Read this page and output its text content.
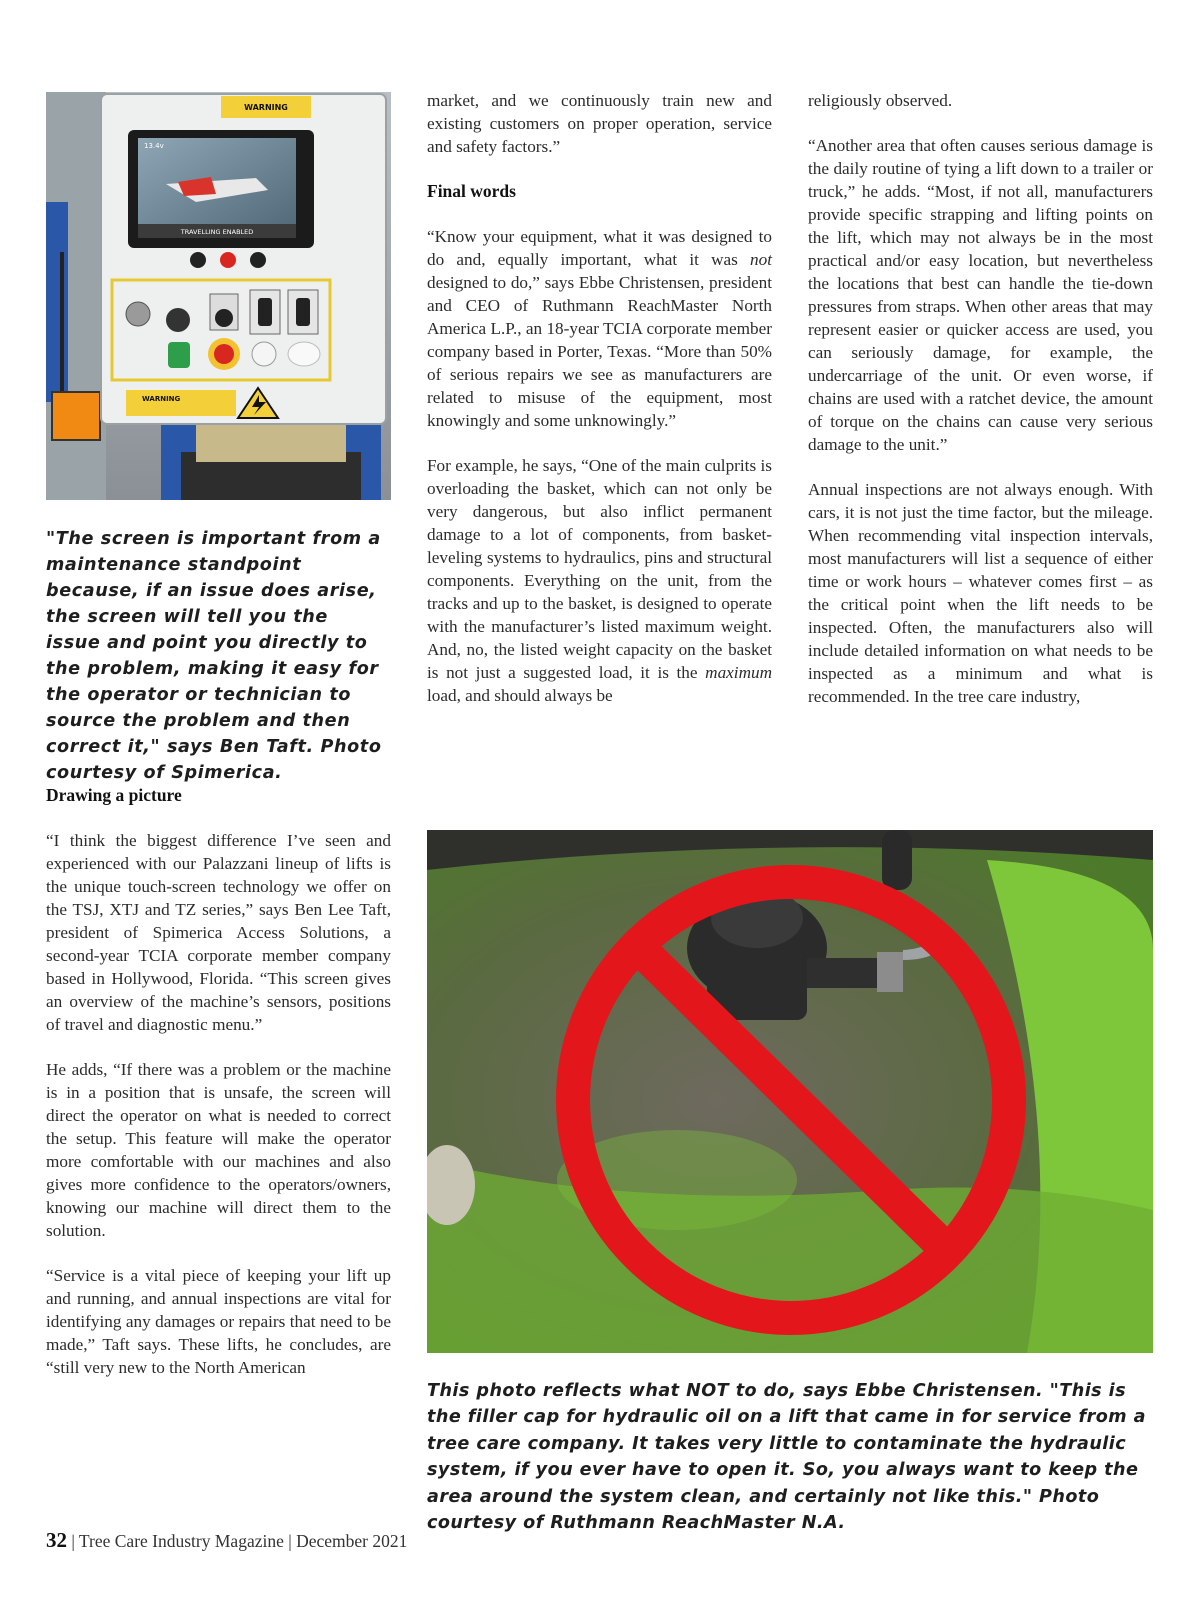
WARNING
13.4v
TRAVELLING ENABLED
WARNING
"The screen is important from a maintenance standpoint because, if an issue does arise, the screen will tell you the issue and point you directly to the problem, making it easy for the operator or technician to source the problem and then correct it," says Ben Taft. Photo courtesy of Spimerica.
Drawing a picture

“I think the biggest difference I’ve seen and experienced with our Palazzani lineup of lifts is the unique touch-screen technology we offer on the TSJ, XTJ and TZ series,” says Ben Lee Taft, president of Spimerica Access Solutions, a second-year TCIA corporate member company based in Hollywood, Florida. “This screen gives an overview of the machine’s sensors, positions of travel and diagnostic menu.”

He adds, “If there was a problem or the machine is in a position that is unsafe, the screen will direct the operator on what is needed to correct the setup. This feature will make the operator more comfortable with our machines and also gives more confidence to the operators/owners, knowing our machine will direct them to the solution.

“Service is a vital piece of keeping your lift up and running, and annual inspections are vital for identifying any damages or repairs that need to be made,” Taft says. These lifts, he concludes, are “still very new to the North American

market, and we continuously train new and existing customers on proper operation, service and safety factors.”

Final words

“Know your equipment, what it was designed to do and, equally important, what it was not designed to do,” says Ebbe Christensen, president and CEO of Ruthmann ReachMaster North America L.P., an 18-year TCIA corporate member company based in Porter, Texas. “More than 50% of serious repairs we see as manufacturers are related to misuse of the equipment, most knowingly and some unknowingly.”

For example, he says, “One of the main culprits is overloading the basket, which can not only be very dangerous, but also inflict permanent damage to a lot of components, from basket-leveling systems to hydraulics, pins and structural components. Everything on the unit, from the tracks and up to the basket, is designed to operate with the manufacturer’s listed maximum weight. And, no, the listed weight capacity on the basket is not just a suggested load, it is the maximum load, and should always be

religiously observed.

“Another area that often causes serious damage is the daily routine of tying a lift down to a trailer or truck,” he adds. “Most, if not all, manufacturers provide specific strapping and lifting points on the lift, which may not always be in the most practical and/or easy location, but nevertheless the locations that best can handle the tie-down pressures from straps. When other areas that may represent easier or quicker access are used, you can seriously damage, for example, the undercarriage of the unit. Or even worse, if chains are used with a ratchet device, the amount of torque on the chains can cause very serious damage to the unit.”

Annual inspections are not always enough. With cars, it is not just the time factor, but the mileage. When recommending vital inspection intervals, most manufacturers will list a sequence of either time or work hours – whatever comes first – as the critical point when the lift needs to be inspected. Often, the manufacturers also will include detailed information on what needs to be inspected as a minimum and what is recommended. In the tree care industry,

This photo reflects what NOT to do, says Ebbe Christensen. "This is the filler cap for hydraulic oil on a lift that came in for service from a tree care company. It takes very little to contaminate the hydraulic system, if you ever have to open it. So, you always want to keep the area around the system clean, and certainly not like this." Photo courtesy of Ruthmann ReachMaster N.A.
32 | Tree Care Industry Magazine | December 2021
